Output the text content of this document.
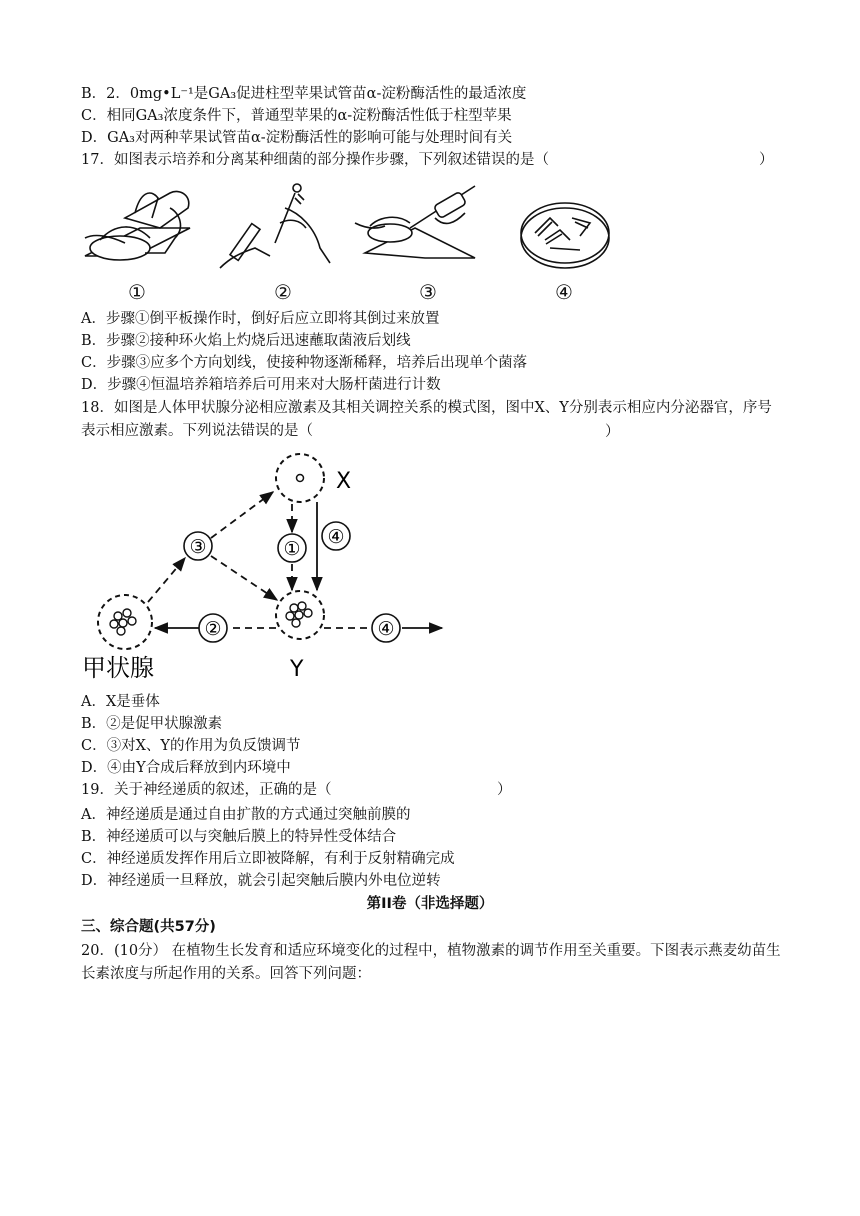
B．2．0mg•L⁻¹是GA₃促进柱型苹果试管苗α-淀粉酶活性的最适浓度
C．相同GA₃浓度条件下，普通型苹果的α-淀粉酶活性低于柱型苹果
D．GA₃对两种苹果试管苗α-淀粉酶活性的影响可能与处理时间有关
17．如图表示培养和分离某种细菌的部分操作步骤，下列叙述错误的是（	）
①	②	③	④
A．步骤①倒平板操作时，倒好后应立即将其倒过来放置
B．步骤②接种环火焰上灼烧后迅速蘸取菌液后划线
C．步骤③应多个方向划线，使接种物逐渐稀释，培养后出现单个菌落
D．步骤④恒温培养箱培养后可用来对大肠杆菌进行计数
18．如图是人体甲状腺分泌相应激素及其相关调控关系的模式图，图中X、Y分别表示相应内分泌器官，序号表示相应激素。下列说法错误的是（	）
③	①
④
②	④
X
Y
甲状腺
A．X是垂体
B．②是促甲状腺激素
C．③对X、Y的作用为负反馈调节
D．④由Y合成后释放到内环境中
19．关于神经递质的叙述，正确的是（	）
A．神经递质是通过自由扩散的方式通过突触前膜的
B．神经递质可以与突触后膜上的特异性受体结合
C．神经递质发挥作用后立即被降解，有利于反射精确完成
D．神经递质一旦释放，就会引起突触后膜内外电位逆转
第II卷（非选择题）
三、综合题(共57分)
20．(10分） 在植物生长发育和适应环境变化的过程中，植物激素的调节作用至关重要。下图表示燕麦幼苗生长素浓度与所起作用的关系。回答下列问题：
